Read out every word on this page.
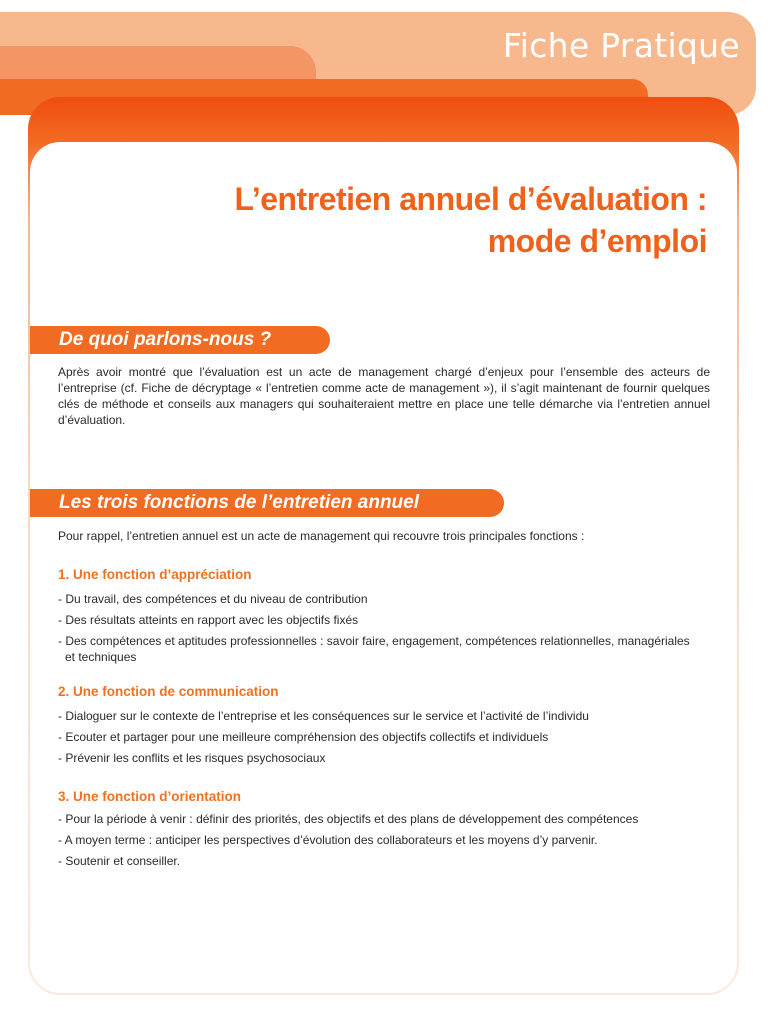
Fiche Pratique
L’entretien annuel d’évaluation :
mode d’emploi
De quoi parlons-nous ?
Après avoir montré que l’évaluation est un acte de management chargé d’enjeux pour l’ensemble des acteurs de l’entreprise (cf. Fiche de décryptage « l’entretien comme acte de management »), il s’agit maintenant de fournir quelques clés de méthode et conseils aux managers qui souhaiteraient mettre en place une telle démarche via l’entretien annuel d’évaluation.
Les trois fonctions de l’entretien annuel
Pour rappel, l’entretien annuel est un acte de management qui recouvre trois principales fonctions :
1. Une fonction d’appréciation
- Du travail, des compétences et du niveau de contribution
- Des résultats atteints en rapport avec les objectifs fixés
- Des compétences et aptitudes professionnelles : savoir faire, engagement, compétences relationnelles, managériales
et techniques
2. Une fonction de communication
- Dialoguer sur le contexte de l’entreprise et les conséquences sur le service et l’activité de l’individu
- Ecouter et partager pour une meilleure compréhension des objectifs collectifs et individuels
- Prévenir les conflits et les risques psychosociaux
3. Une fonction d’orientation
- Pour la période à venir : définir des priorités, des objectifs et des plans de développement des compétences
- A moyen terme : anticiper les perspectives d’évolution des collaborateurs et les moyens d’y parvenir.
- Soutenir et conseiller.
